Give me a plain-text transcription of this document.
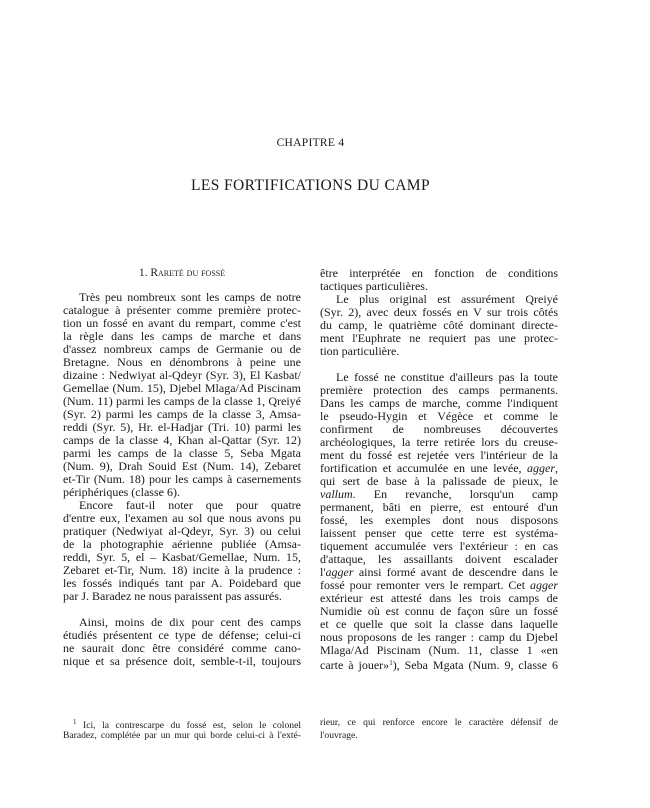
CHAPITRE 4
LES FORTIFICATIONS DU CAMP
1. Rareté du fossé
Très peu nombreux sont les camps de notre
catalogue à présenter comme première protec-
tion un fossé en avant du rempart, comme c'est
la règle dans les camps de marche et dans
d'assez nombreux camps de Germanie ou de
Bretagne. Nous en dénombrons à peine une
dizaine : Nedwiyat al-Qdeyr (Syr. 3), El Kasbat/
Gemellae (Num. 15), Djebel Mlaga/Ad Piscinam
(Num. 11) parmi les camps de la classe 1, Qreiyé
(Syr. 2) parmi les camps de la classe 3, Amsa-
reddi (Syr. 5), Hr. el-Hadjar (Tri. 10) parmi les
camps de la classe 4, Khan al-Qattar (Syr. 12)
parmi les camps de la classe 5, Seba Mgata
(Num. 9), Drah Souid Est (Num. 14), Zebaret
et-Tir (Num. 18) pour les camps à casernements
périphériques (classe 6).
Encore faut-il noter que pour quatre
d'entre eux, l'examen au sol que nous avons pu
pratiquer (Nedwiyat al-Qdeyr, Syr. 3) ou celui
de la photographie aérienne publiée (Amsa-
reddi, Syr. 5, el – Kasbat/Gemellae, Num. 15,
Zebaret et-Tir, Num. 18) incite à la prudence :
les fossés indiqués tant par A. Poidebard que
par J. Baradez ne nous paraissent pas assurés.
Ainsi, moins de dix pour cent des camps
étudiés présentent ce type de défense; celui-ci
ne saurait donc être considéré comme cano-
nique et sa présence doit, semble-t-il, toujours
être interprétée en fonction de conditions
tactiques particulières.
Le plus original est assurément Qreiyé
(Syr. 2), avec deux fossés en V sur trois côtés
du camp, le quatrième côté dominant directe-
ment l'Euphrate ne requiert pas une protec-
tion particulière.
Le fossé ne constitue d'ailleurs pas la toute
première protection des camps permanents.
Dans les camps de marche, comme l'indiquent
le pseudo-Hygin et Végèce et comme le
confirment de nombreuses découvertes
archéologiques, la terre retirée lors du creuse-
ment du fossé est rejetée vers l'intérieur de la
fortification et accumulée en une levée, agger,
qui sert de base à la palissade de pieux, le
vallum. En revanche, lorsqu'un camp
permanent, bâti en pierre, est entouré d'un
fossé, les exemples dont nous disposons
laissent penser que cette terre est systéma-
tiquement accumulée vers l'extérieur : en cas
d'attaque, les assaillants doivent escalader
l'agger ainsi formé avant de descendre dans le
fossé pour remonter vers le rempart. Cet agger
extérieur est attesté dans les trois camps de
Numidie où est connu de façon sûre un fossé
et ce quelle que soit la classe dans laquelle
nous proposons de les ranger : camp du Djebel
Mlaga/Ad Piscinam (Num. 11, classe 1 «en
carte à jouer»$^1$), Seba Mgata (Num. 9, classe 6
$^1$ Ici, la contrescarpe du fossé est, selon le colonel
Baradez, complétée par un mur qui borde celui-ci à l'exté-
rieur, ce qui renforce encore le caractère défensif de
l'ouvrage.
